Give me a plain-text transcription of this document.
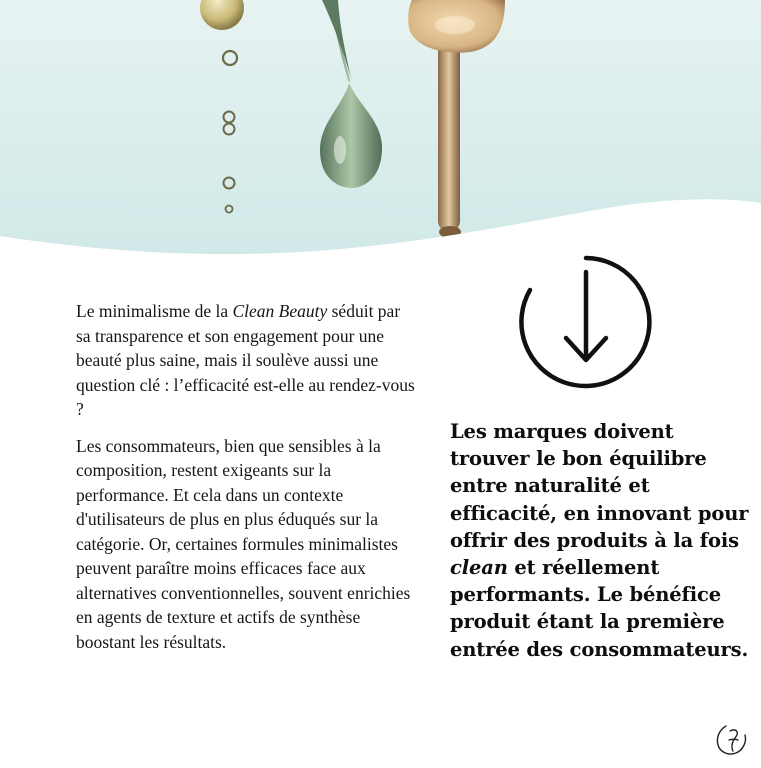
Le minimalisme de la Clean Beauty séduit par sa transparence et son engagement pour une beauté plus saine, mais il soulève aussi une question clé : l’efficacité est-elle au rendez-vous ?

Les consommateurs, bien que sensibles à la composition, restent exigeants sur la performance. Et cela dans un contexte d'utilisateurs de plus en plus éduqués sur la catégorie. Or, certaines formules minimalistes peuvent paraître moins efficaces face aux alternatives conventionnelles, souvent enrichies en agents de texture et actifs de synthèse boostant les résultats.

Les marques doivent trouver le bon équilibre entre naturalité et efficacité, en innovant pour offrir des produits à la fois clean et réellement performants. Le bénéfice produit étant la première entrée des consommateurs.
